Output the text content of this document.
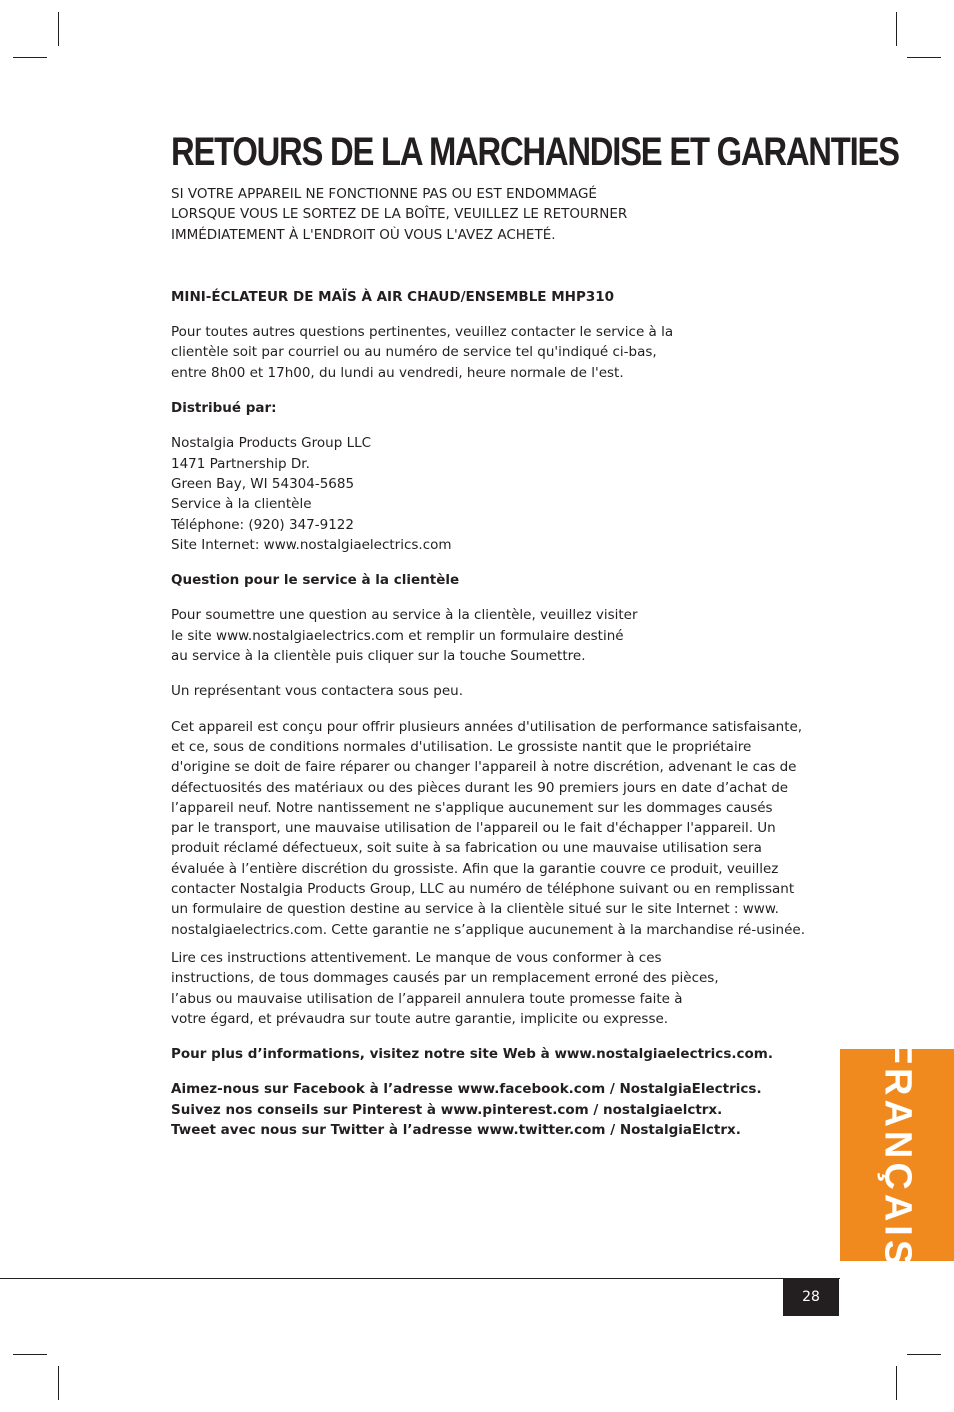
RETOURS DE LA MARCHANDISE ET GARANTIES

SI VOTRE APPAREIL NE FONCTIONNE PAS OU EST ENDOMMAGÉ
LORSQUE VOUS LE SORTEZ DE LA BOÎTE, VEUILLEZ LE RETOURNER
IMMÉDIATEMENT À L'ENDROIT OÙ VOUS L'AVEZ ACHETÉ.

MINI-ÉCLATEUR DE MAÏS À AIR CHAUD/ENSEMBLE MHP310

Pour toutes autres questions pertinentes, veuillez contacter le service à la
clientèle soit par courriel ou au numéro de service tel qu'indiqué ci-bas,
entre 8h00 et 17h00, du lundi au vendredi, heure normale de l'est.

Distribué par:

Nostalgia Products Group LLC
1471 Partnership Dr.
Green Bay, WI 54304-5685
Service à la clientèle
Téléphone: (920) 347-9122
Site Internet: www.nostalgiaelectrics.com

Question pour le service à la clientèle

Pour soumettre une question au service à la clientèle, veuillez visiter
le site www.nostalgiaelectrics.com et remplir un formulaire destiné
au service à la clientèle puis cliquer sur la touche Soumettre.

Un représentant vous contactera sous peu.

Cet appareil est conçu pour offrir plusieurs années d'utilisation de performance satisfaisante,
et ce, sous de conditions normales d'utilisation. Le grossiste nantit que le propriétaire
d'origine se doit de faire réparer ou changer l'appareil à notre discrétion, advenant le cas de
défectuosités des matériaux ou des pièces durant les 90 premiers jours en date d’achat de
l’appareil neuf. Notre nantissement ne s'applique aucunement sur les dommages causés
par le transport, une mauvaise utilisation de l'appareil ou le fait d'échapper l'appareil. Un
produit réclamé défectueux, soit suite à sa fabrication ou une mauvaise utilisation sera
évaluée à l’entière discrétion du grossiste. Afin que la garantie couvre ce produit, veuillez
contacter Nostalgia Products Group, LLC au numéro de téléphone suivant ou en remplissant
un formulaire de question destine au service à la clientèle situé sur le site Internet : www.
nostalgiaelectrics.com. Cette garantie ne s’applique aucunement à la marchandise ré-usinée.

Lire ces instructions attentivement. Le manque de vous conformer à ces
instructions, de tous dommages causés par un remplacement erroné des pièces,
l’abus ou mauvaise utilisation de l’appareil annulera toute promesse faite à
votre égard, et prévaudra sur toute autre garantie, implicite ou expresse.

Pour plus d’informations, visitez notre site Web à www.nostalgiaelectrics.com.

Aimez-nous sur Facebook à l’adresse www.facebook.com / NostalgiaElectrics.
Suivez nos conseils sur Pinterest à www.pinterest.com / nostalgiaelctrx.
Tweet avec nous sur Twitter à l’adresse www.twitter.com / NostalgiaElctrx.	FRANÇAIS
28
